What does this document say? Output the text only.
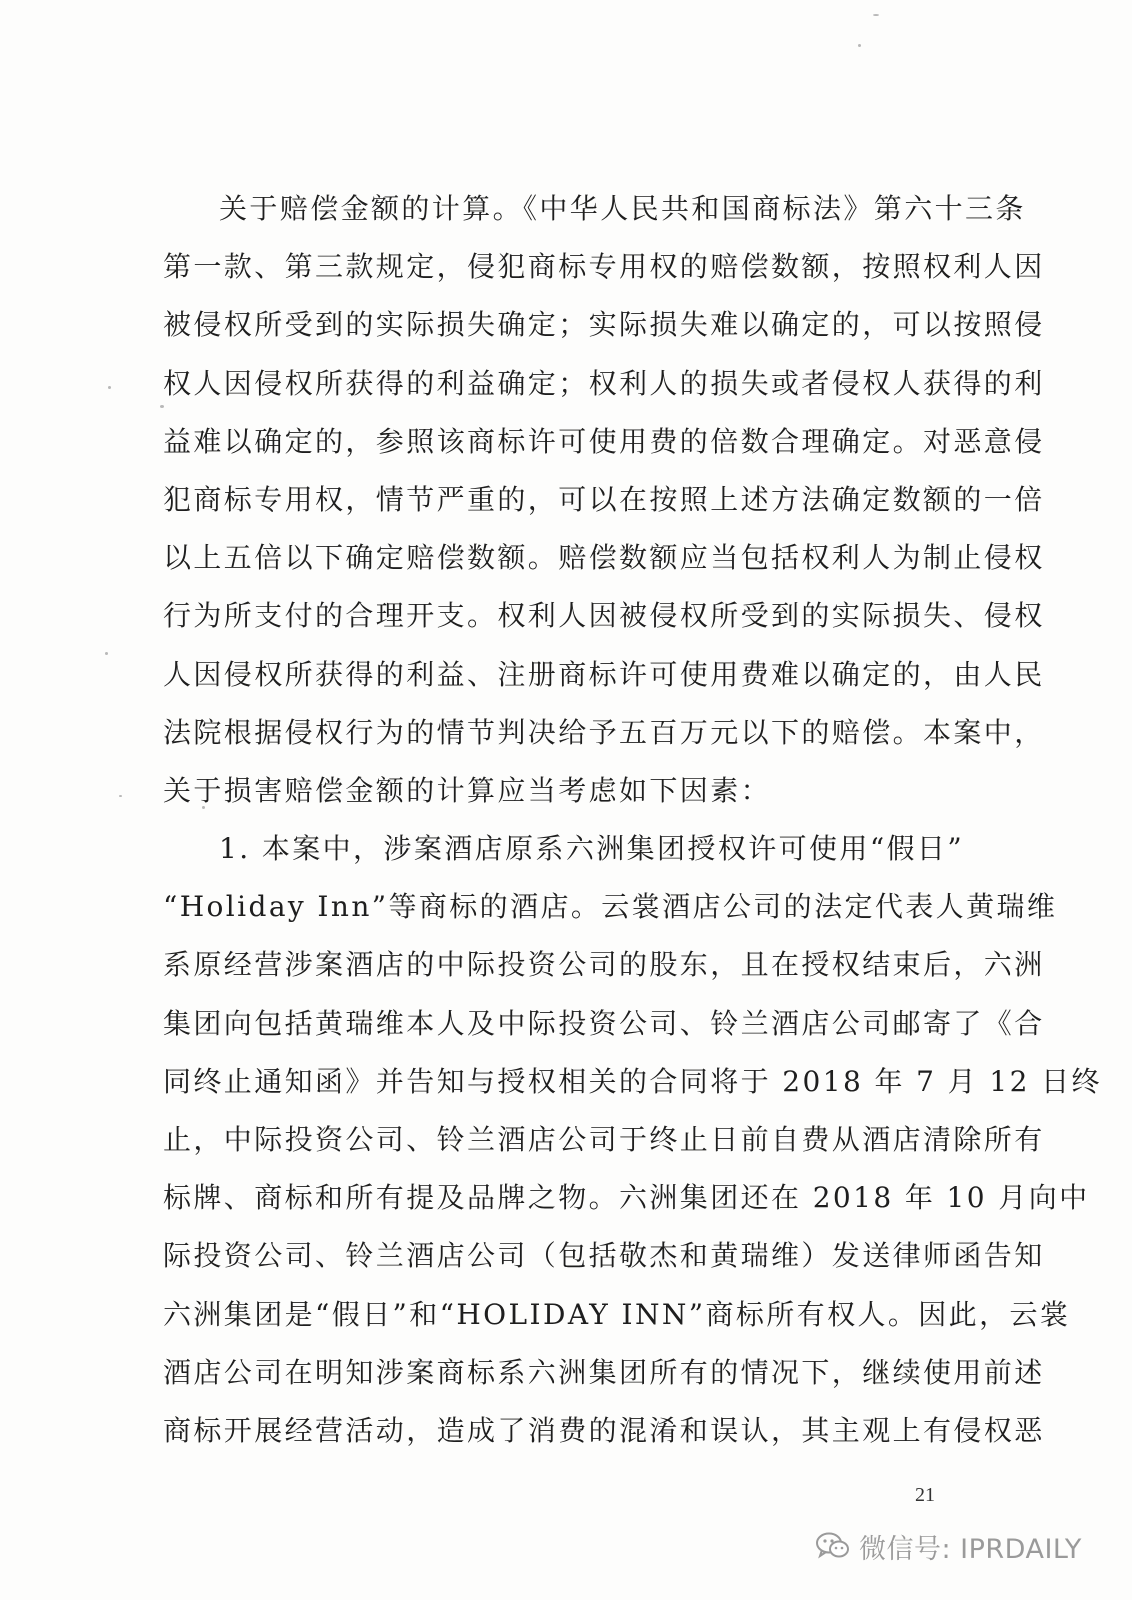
关于赔偿金额的计算。《中华人民共和国商标法》第六十三条
第一款、第三款规定，侵犯商标专用权的赔偿数额，按照权利人因
被侵权所受到的实际损失确定；实际损失难以确定的，可以按照侵
权人因侵权所获得的利益确定；权利人的损失或者侵权人获得的利
益难以确定的，参照该商标许可使用费的倍数合理确定。对恶意侵
犯商标专用权，情节严重的，可以在按照上述方法确定数额的一倍
以上五倍以下确定赔偿数额。赔偿数额应当包括权利人为制止侵权
行为所支付的合理开支。权利人因被侵权所受到的实际损失、侵权
人因侵权所获得的利益、注册商标许可使用费难以确定的，由人民
法院根据侵权行为的情节判决给予五百万元以下的赔偿。本案中，
关于损害赔偿金额的计算应当考虑如下因素：
1. 本案中，涉案酒店原系六洲集团授权许可使用“假日”
“Holiday Inn”等商标的酒店。云裳酒店公司的法定代表人黄瑞维
系原经营涉案酒店的中际投资公司的股东，且在授权结束后，六洲
集团向包括黄瑞维本人及中际投资公司、铃兰酒店公司邮寄了《合
同终止通知函》并告知与授权相关的合同将于 2018 年 7 月 12 日终
止，中际投资公司、铃兰酒店公司于终止日前自费从酒店清除所有
标牌、商标和所有提及品牌之物。六洲集团还在 2018 年 10 月向中
际投资公司、铃兰酒店公司（包括敬杰和黄瑞维）发送律师函告知
六洲集团是“假日”和“HOLIDAY INN”商标所有权人。因此，云裳
酒店公司在明知涉案商标系六洲集团所有的情况下，继续使用前述
商标开展经营活动，造成了消费的混淆和误认，其主观上有侵权恶
21
微信号: IPRDAILY
